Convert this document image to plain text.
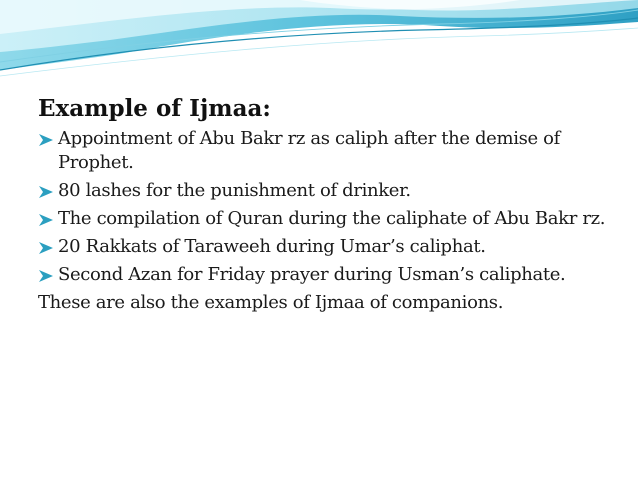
Example of Ijmaa:
Appointment of Abu Bakr rz as caliph after the demise of Prophet.
80 lashes for the punishment of drinker.
The compilation of Quran during the caliphate of Abu Bakr rz.
20 Rakkats of Taraweeh during Umar’s caliphat.
Second Azan for Friday prayer during Usman’s caliphate.

These are also the examples of Ijmaa of companions.
